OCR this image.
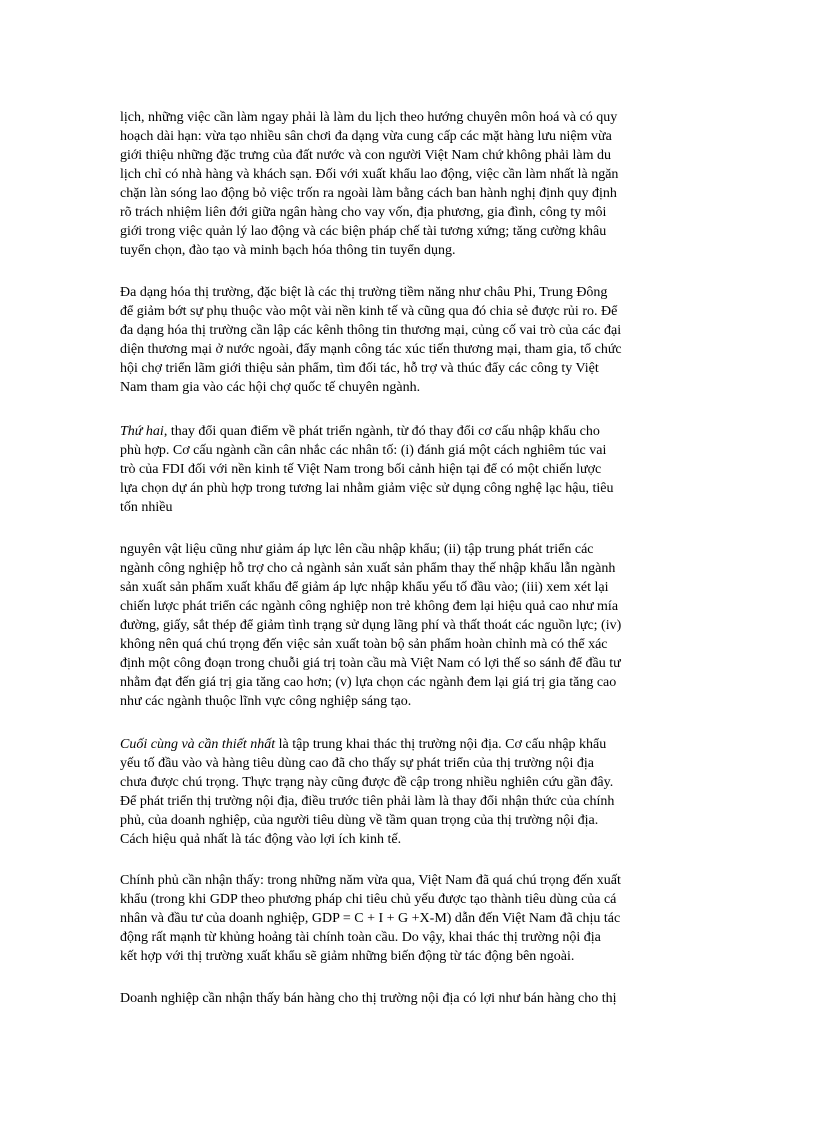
lịch, những việc cần làm ngay phải là làm du lịch theo hướng chuyên môn hoá và có quy
hoạch dài hạn: vừa tạo nhiều sân chơi đa dạng vừa cung cấp các mặt hàng lưu niệm vừa
giới thiệu những đặc trưng của đất nước và con người Việt Nam chứ không phải làm du
lịch chỉ có nhà hàng và khách sạn. Đối với xuất khẩu lao động, việc cần làm nhất là ngăn
chặn làn sóng lao động bỏ việc trốn ra ngoài làm bằng cách ban hành nghị định quy định
rõ trách nhiệm liên đới giữa ngân hàng cho vay vốn, địa phương, gia đình, công ty môi
giới trong việc quản lý lao động và các biện pháp chế tài tương xứng; tăng cường khâu
tuyển chọn, đào tạo và minh bạch hóa thông tin tuyển dụng.
Đa dạng hóa thị trường, đặc biệt là các thị trường tiềm năng như châu Phi, Trung Đông
để giảm bớt sự phụ thuộc vào một vài nền kinh tế và cũng qua đó chia sẻ được rủi ro. Để
đa dạng hóa thị trường cần lập các kênh thông tin thương mại, củng cố vai trò của các đại
diện thương mại ở nước ngoài, đẩy mạnh công tác xúc tiến thương mại, tham gia, tổ chức
hội chợ triển lãm giới thiệu sản phẩm, tìm đối tác, hỗ trợ và thúc đẩy các công ty Việt
Nam tham gia vào các hội chợ quốc tế chuyên ngành.
Thứ hai, thay đổi quan điểm về phát triển ngành, từ đó thay đổi cơ cấu nhập khẩu cho
phù hợp. Cơ cấu ngành cần cân nhắc các nhân tố: (i) đánh giá một cách nghiêm túc vai
trò của FDI đối với nền kinh tế Việt Nam trong bối cảnh hiện tại để có một chiến lược
lựa chọn dự án phù hợp trong tương lai nhằm giảm việc sử dụng công nghệ lạc hậu, tiêu
tốn nhiều
nguyên vật liệu cũng như giảm áp lực lên cầu nhập khẩu; (ii) tập trung phát triển các
ngành công nghiệp hỗ trợ cho cả ngành sản xuất sản phẩm thay thế nhập khẩu lẫn ngành
sản xuất sản phẩm xuất khẩu để giảm áp lực nhập khẩu yếu tố đầu vào; (iii) xem xét lại
chiến lược phát triển các ngành công nghiệp non trẻ không đem lại hiệu quả cao như mía
đường, giấy, sắt thép để giảm tình trạng sử dụng lãng phí và thất thoát các nguồn lực; (iv)
không nên quá chú trọng đến việc sản xuất toàn bộ sản phẩm hoàn chỉnh mà có thể xác
định một công đoạn trong chuỗi giá trị toàn cầu mà Việt Nam có lợi thế so sánh để đầu tư
nhằm đạt đến giá trị gia tăng cao hơn; (v) lựa chọn các ngành đem lại giá trị gia tăng cao
như các ngành thuộc lĩnh vực công nghiệp sáng tạo.
Cuối cùng và cần thiết nhất là tập trung khai thác thị trường nội địa. Cơ cấu nhập khẩu
yếu tố đầu vào và hàng tiêu dùng cao đã cho thấy sự phát triển của thị trường nội địa
chưa được chú trọng. Thực trạng này cũng được đề cập trong nhiều nghiên cứu gần đây.
Để phát triển thị trường nội địa, điều trước tiên phải làm là thay đổi nhận thức của chính
phủ, của doanh nghiệp, của người tiêu dùng về tầm quan trọng của thị trường nội địa.
Cách hiệu quả nhất là tác động vào lợi ích kinh tế.
Chính phủ cần nhận thấy: trong những năm vừa qua, Việt Nam đã quá chú trọng đến xuất
khẩu (trong khi GDP theo phương pháp chi tiêu chủ yếu được tạo thành tiêu dùng của cá
nhân và đầu tư của doanh nghiệp, GDP = C + I + G +X-M) dẫn đến Việt Nam đã chịu tác
động rất mạnh từ khủng hoảng tài chính toàn cầu. Do vậy, khai thác thị trường nội địa
kết hợp với thị trường xuất khẩu sẽ giảm những biến động từ tác động bên ngoài.
Doanh nghiệp cần nhận thấy bán hàng cho thị trường nội địa có lợi như bán hàng cho thị
